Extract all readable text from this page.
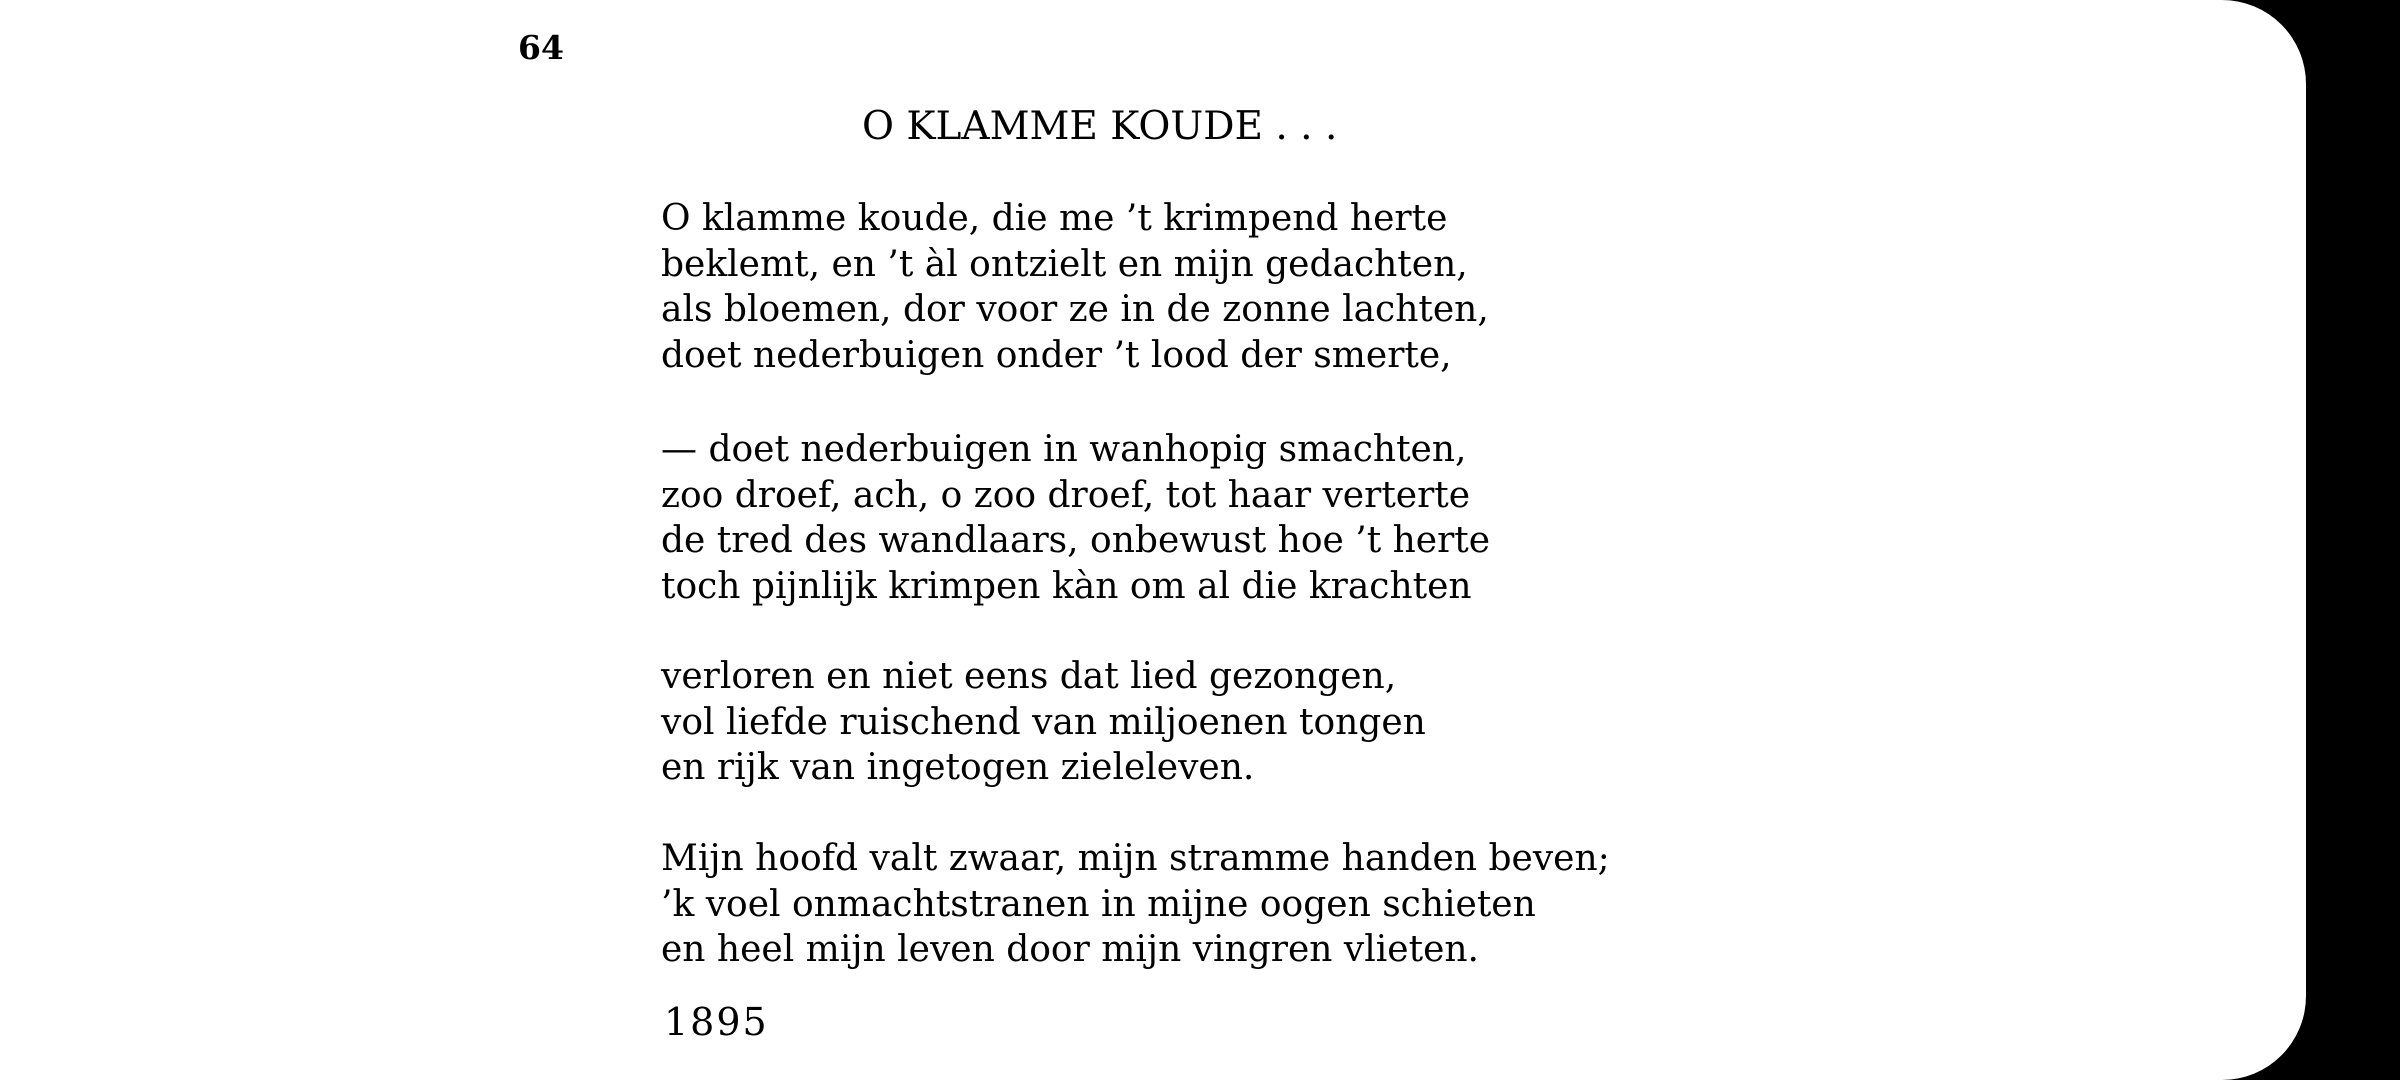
64
O KLAMME KOUDE . . .
O klamme koude, die me ’t krimpend herte
beklemt, en ’t àl ontzielt en mijn gedachten,
als bloemen, dor voor ze in de zonne lachten,
doet nederbuigen onder ’t lood der smerte,
— doet nederbuigen in wanhopig smachten,
zoo droef, ach, o zoo droef, tot haar verterte
de tred des wandlaars, onbewust hoe ’t herte
toch pijnlijk krimpen kàn om al die krachten
verloren en niet eens dat lied gezongen,
vol liefde ruischend van miljoenen tongen
en rijk van ingetogen zieleleven.
Mijn hoofd valt zwaar, mijn stramme handen beven;
’k voel onmachtstranen in mijne oogen schieten
en heel mijn leven door mijn vingren vlieten.
1895
